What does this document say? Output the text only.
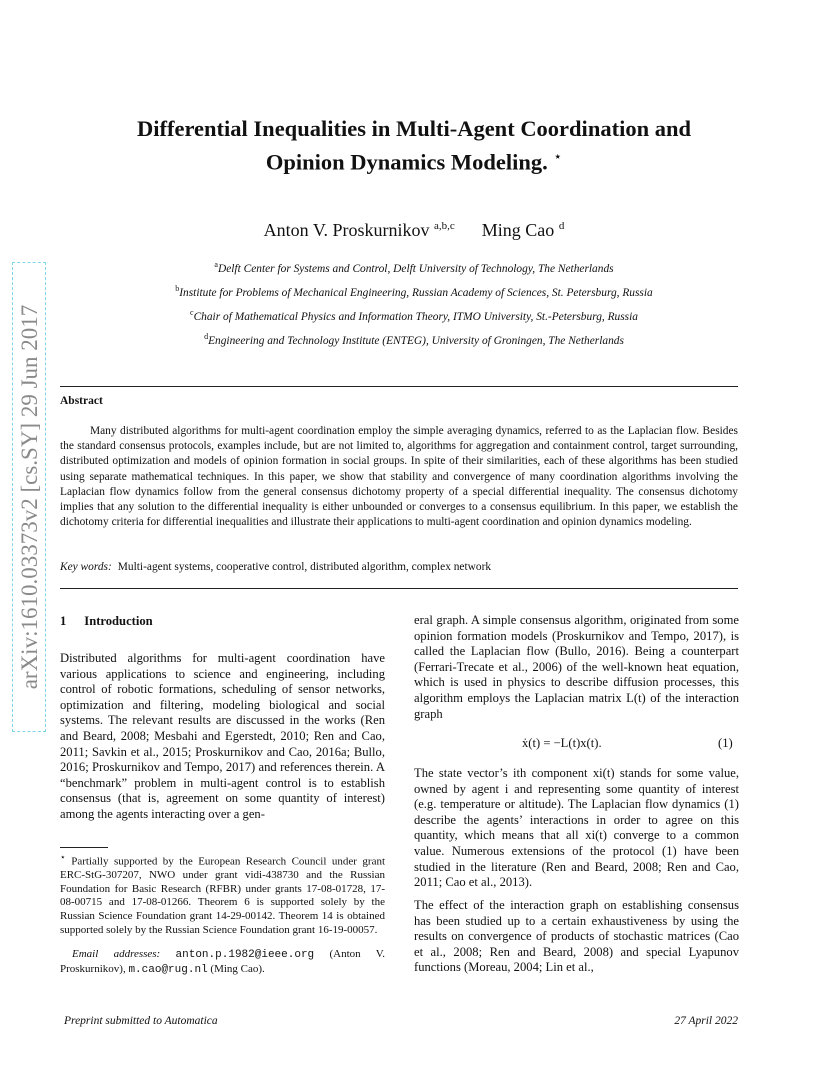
arXiv:1610.03373v2 [cs.SY] 29 Jun 2017
Differential Inequalities in Multi-Agent Coordination and
Opinion Dynamics Modeling. ⋆
Anton V. Proskurnikov $^{a,b,c}$ Ming Cao $^d$
$^a$Delft Center for Systems and Control, Delft University of Technology, The Netherlands
$^b$Institute for Problems of Mechanical Engineering, Russian Academy of Sciences, St. Petersburg, Russia
$^c$Chair of Mathematical Physics and Information Theory, ITMO University, St.-Petersburg, Russia
$^d$Engineering and Technology Institute (ENTEG), University of Groningen, The Netherlands
Abstract
Many distributed algorithms for multi-agent coordination employ the simple averaging dynamics, referred to as the Laplacian flow. Besides the standard consensus protocols, examples include, but are not limited to, algorithms for aggregation and containment control, target surrounding, distributed optimization and models of opinion formation in social groups. In spite of their similarities, each of these algorithms has been studied using separate mathematical techniques. In this paper, we show that stability and convergence of many coordination algorithms involving the Laplacian flow dynamics follow from the general consensus dichotomy property of a special differential inequality. The consensus dichotomy implies that any solution to the differential inequality is either unbounded or converges to a consensus equilibrium. In this paper, we establish the dichotomy criteria for differential inequalities and illustrate their applications to multi-agent coordination and opinion dynamics modeling.
Key words: Multi-agent systems, cooperative control, distributed algorithm, complex network
1 Introduction
Distributed algorithms for multi-agent coordination have various applications to science and engineering, including control of robotic formations, scheduling of sensor networks, optimization and filtering, modeling biological and social systems. The relevant results are discussed in the works (Ren and Beard, 2008; Mesbahi and Egerstedt, 2010; Ren and Cao, 2011; Savkin et al., 2015; Proskurnikov and Cao, 2016a; Bullo, 2016; Proskurnikov and Tempo, 2017) and references therein. A “benchmark” problem in multi-agent control is to establish consensus (that is, agreement on some quantity of interest) among the agents interacting over a gen-
⋆ Partially supported by the European Research Council under grant ERC-StG-307207, NWO under grant vidi-438730 and the Russian Foundation for Basic Research (RFBR) under grants 17-08-01728, 17-08-00715 and 17-08-01266. Theorem 6 is supported solely by the Russian Science Foundation grant 14-29-00142. Theorem 14 is obtained supported solely by the Russian Science Foundation grant 16-19-00057.
Email addresses: anton.p.1982@ieee.org (Anton V. Proskurnikov), m.cao@rug.nl (Ming Cao).
eral graph. A simple consensus algorithm, originated from some opinion formation models (Proskurnikov and Tempo, 2017), is called the Laplacian flow (Bullo, 2016). Being a counterpart (Ferrari-Trecate et al., 2006) of the well-known heat equation, which is used in physics to describe diffusion processes, this algorithm employs the Laplacian matrix L(t) of the interaction graph
ẋ(t) = −L(t)x(t).	(1)
The state vector’s ith component xi(t) stands for some value, owned by agent i and representing some quantity of interest (e.g. temperature or altitude). The Laplacian flow dynamics (1) describe the agents’ interactions in order to agree on this quantity, which means that all xi(t) converge to a common value. Numerous extensions of the protocol (1) have been studied in the literature (Ren and Beard, 2008; Ren and Cao, 2011; Cao et al., 2013).
The effect of the interaction graph on establishing consensus has been studied up to a certain exhaustiveness by using the results on convergence of products of stochastic matrices (Cao et al., 2008; Ren and Beard, 2008) and special Lyapunov functions (Moreau, 2004; Lin et al.,
Preprint submitted to Automatica	27 April 2022
